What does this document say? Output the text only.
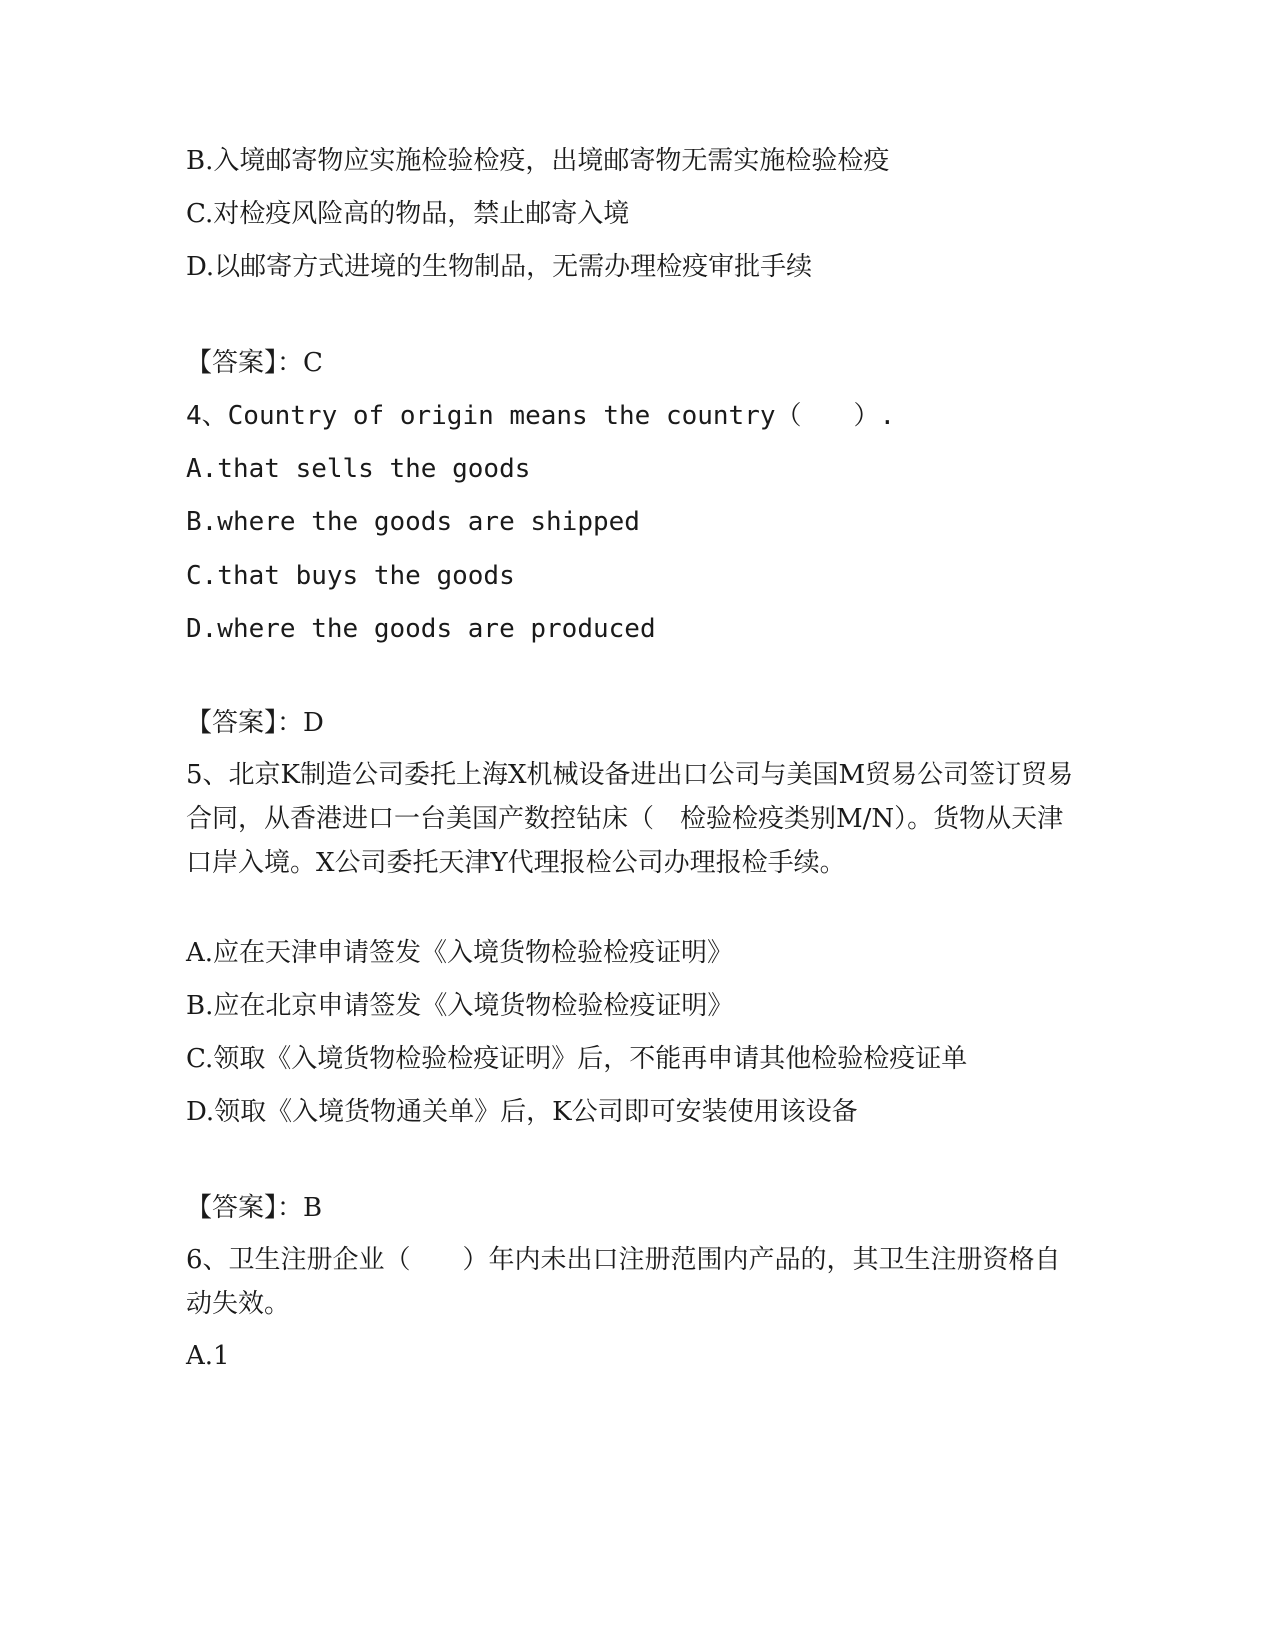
B.入境邮寄物应实施检验检疫，出境邮寄物无需实施检验检疫
C.对检疫风险高的物品，禁止邮寄入境
D.以邮寄方式进境的生物制品，无需办理检疫审批手续
【答案】：C
4、Country of origin means the country（　　）.
A.that sells the goods
B.where the goods are shipped
C.that buys the goods
D.where the goods are produced
【答案】：D
5、北京K制造公司委托上海X机械设备进出口公司与美国M贸易公司签订贸易合同，从香港进口一台美国产数控钻床（　检验检疫类别M/N）。货物从天津口岸入境。X公司委托天津Y代理报检公司办理报检手续。
A.应在天津申请签发《入境货物检验检疫证明》
B.应在北京申请签发《入境货物检验检疫证明》
C.领取《入境货物检验检疫证明》后，不能再申请其他检验检疫证单
D.领取《入境货物通关单》后，K公司即可安装使用该设备
【答案】：B
6、卫生注册企业（　　）年内未出口注册范围内产品的，其卫生注册资格自动失效。
A.1
